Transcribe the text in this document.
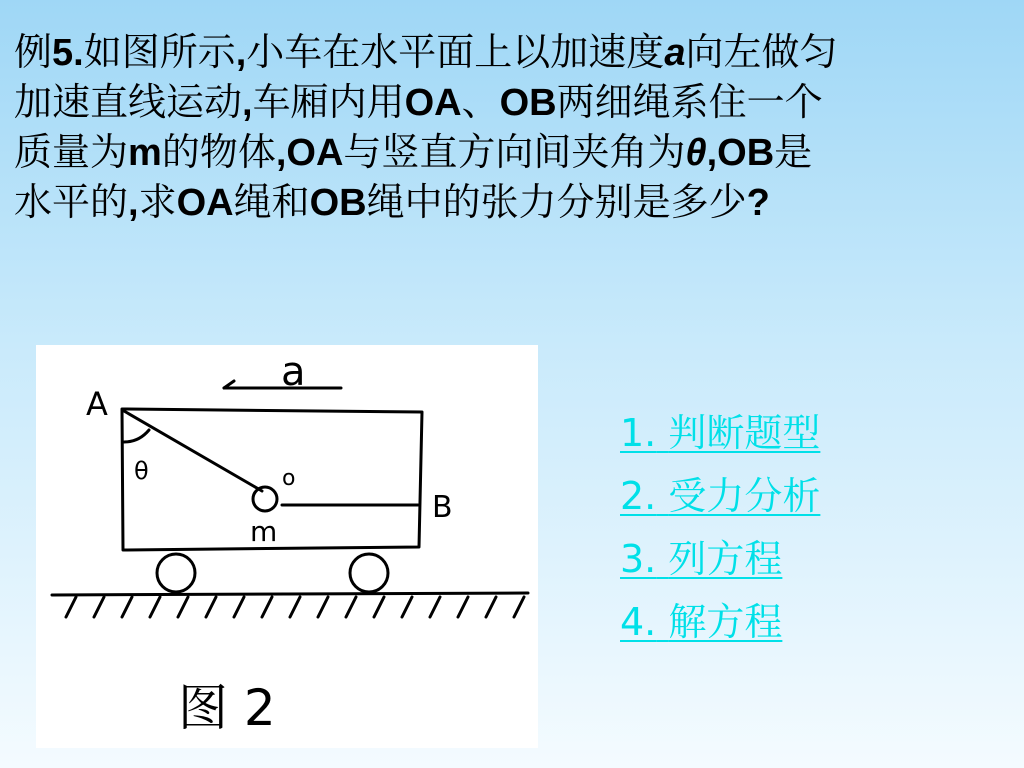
例5.如图所示,小车在水平面上以加速度a向左做匀
加速直线运动,车厢内用OA、OB两细绳系住一个
质量为m的物体,OA与竖直方向间夹角为θ,OB是
水平的,求OA绳和OB绳中的张力分别是多少?
a
A
B
o
θ
m
图 2
1. 判断题型
2. 受力分析
3. 列方程
4. 解方程
